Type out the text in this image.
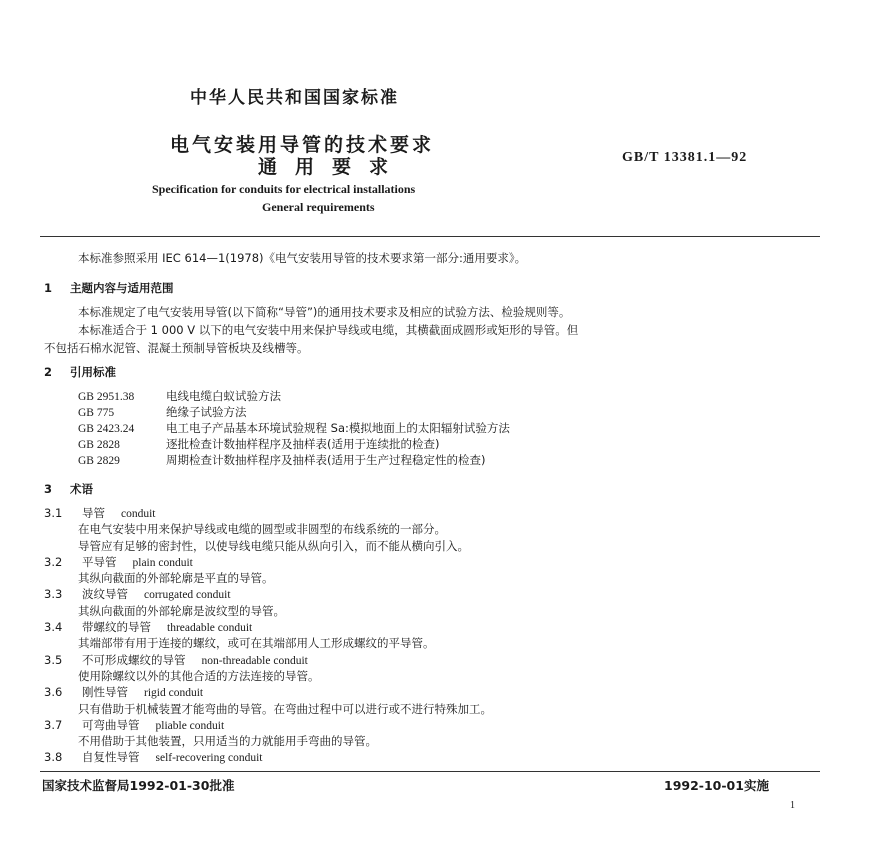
中华人民共和国国家标准
电气安装用导管的技术要求
通用要求	GB/T 13381.1—92
Specification for conduits for electrical installations
General requirements
本标准参照采用 IEC 614—1(1978)《电气安装用导管的技术要求第一部分:通用要求》。
1 主题内容与适用范围
本标准规定了电气安装用导管(以下简称“导管”)的通用技术要求及相应的试验方法、检验规则等。
本标准适合于 1 000 V 以下的电气安装中用来保护导线或电缆，其横截面成圆形或矩形的导管。但
不包括石棉水泥管、混凝土预制导管板块及线槽等。
2 引用标准
GB 2951.38	电线电缆白蚁试验方法
GB 775	绝缘子试验方法
GB 2423.24	电工电子产品基本环境试验规程 Sa:模拟地面上的太阳辐射试验方法
GB 2828	逐批检查计数抽样程序及抽样表(适用于连续批的检查)
GB 2829	周期检查计数抽样程序及抽样表(适用于生产过程稳定性的检查)
3 术语
3.1 导管 conduit
在电气安装中用来保护导线或电缆的圆型或非圆型的布线系统的一部分。
导管应有足够的密封性，以使导线电缆只能从纵向引入，而不能从横向引入。
3.2 平导管 plain conduit
其纵向截面的外部轮廓是平直的导管。
3.3 波纹导管 corrugated conduit
其纵向截面的外部轮廓是波纹型的导管。
3.4 带螺纹的导管 threadable conduit
其端部带有用于连接的螺纹，或可在其端部用人工形成螺纹的平导管。
3.5 不可形成螺纹的导管 non-threadable conduit
使用除螺纹以外的其他合适的方法连接的导管。
3.6 刚性导管 rigid conduit
只有借助于机械装置才能弯曲的导管。在弯曲过程中可以进行或不进行特殊加工。
3.7 可弯曲导管 pliable conduit
不用借助于其他装置，只用适当的力就能用手弯曲的导管。
3.8 自复性导管 self-recovering conduit
国家技术监督局1992-01-30批准	1992-10-01实施
1
